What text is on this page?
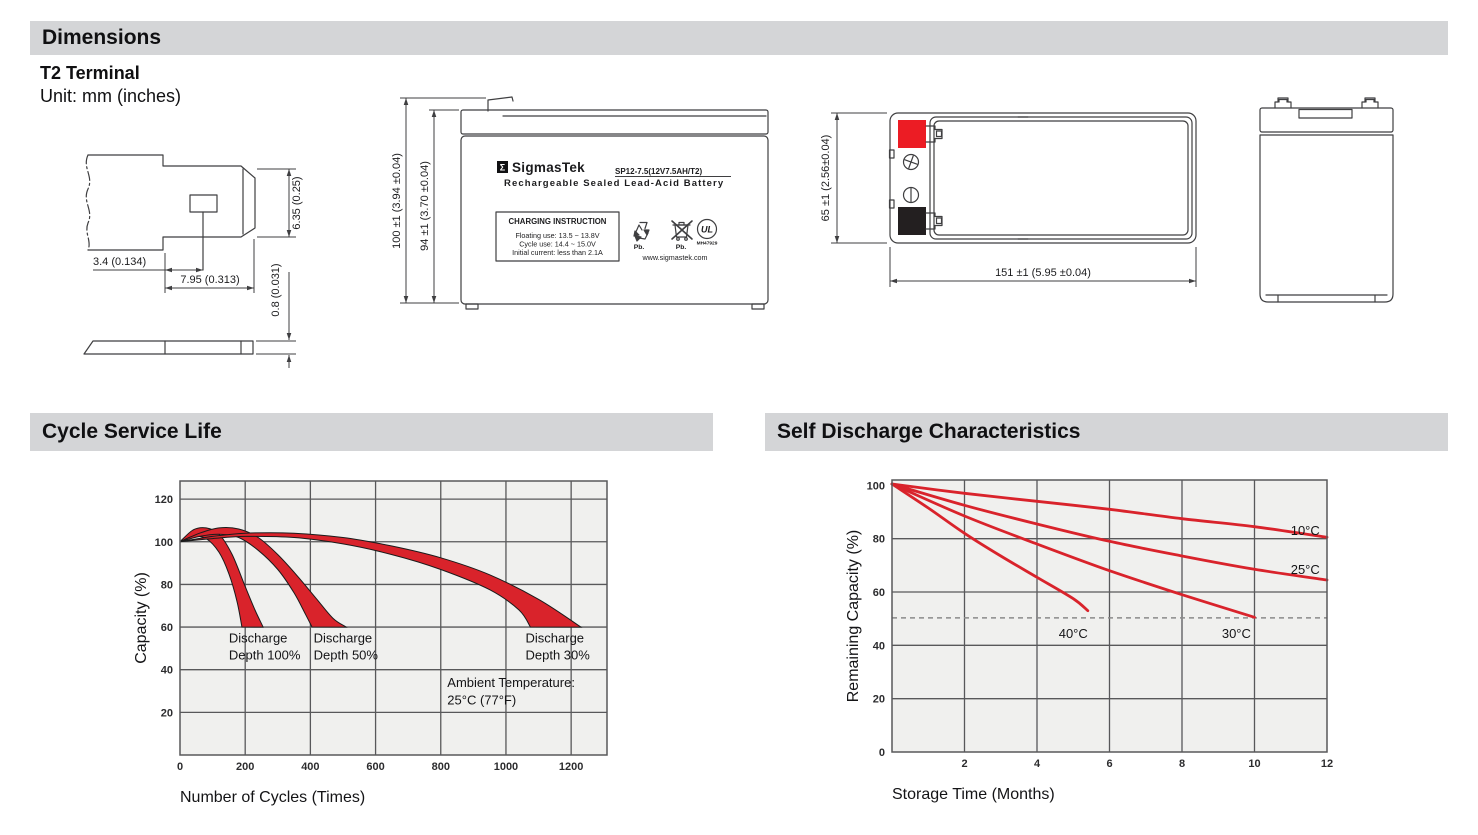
Dimensions
T2 Terminal
Unit: mm (inches)
6.35 (0.25)
3.4 (0.134)
7.95 (0.313)	0.8 (0.031)
Σ SigmasTek	SP12-7.5(12V7.5AH/T2)
Rechargeable Sealed Lead-Acid Battery
CHARGING INSTRUCTION
Floating use: 13.5 ~ 13.8V
Cycle use: 14.4 ~ 15.0V
Initial current: less than 2.1A
Pb.	Pb.
UL
MH47929
www.sigmastek.com
100 ±1 (3.94 ±0.04) 94 ±1 (3.70 ±0.04)	65 ±1 (2.56±0.04)
151 ±1 (5.95 ±0.04)
Cycle Service Life	Self Discharge Characteristics
0	200	400	600	800	1000	1200
20
40
60
80
100
120
Discharge Depth 100%
Discharge Depth 50%
Discharge Depth 30%
Ambient Temperature: 25°C (77°F)
Number of Cycles (Times)
Capacity (%)
2	4	6	8	10	12
0
20
40
60
80
100
10°C
25°C
30°C
40°C
Storage Time (Months)
Remaining Capacity (%)
